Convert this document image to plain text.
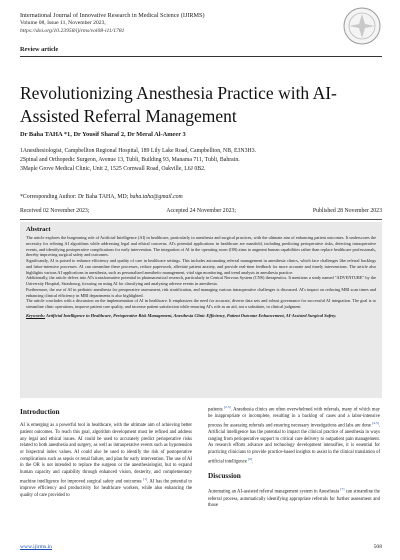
International Journal of Innovative Research in Medical Science (IJIRMS)
Volume 08, Issue 11, November 2023,
https://doi.org/10.23958/ijirms/vol08-i11/1781
Review article
Revolutionizing Anesthesia Practice with AI-Assisted Referral Management
Dr Baha TAHA *1, Dr Yousif Sharaf 2, Dr Meral Al-Ameer 3
1Anesthesiologist, Campbellton Regional Hospital, 189 Lily Lake Road, Campbellton, NB, E3N3H3.
2Spinal and Orthopedic Surgeon, Avenue 13, Tubli, Building 93, Manama 711, Tubli, Bahrain.
3Maple Grove Medical Clinic, Unit 2, 1525 Cornwall Road, Oakville, L6J 0B2.
*Corresponding Author: Dr Baha TAHA, MD; baha.taha@gmail.com
Received 02 November 2023;	Accepted 24 November 2023;	Published 28 November 2023
Abstract

The article explores the burgeoning role of Artificial Intelligence (AI) in healthcare, particularly in anesthesia and surgical practices, with the ultimate aim of enhancing patient outcomes. It underscores the necessity for refining AI algorithms while addressing legal and ethical concerns. AI's potential applications in healthcare are manifold, including predicting perioperative risks, detecting intraoperative events, and identifying postoperative complications for early intervention. The integration of AI in the operating room (OR) aims to augment human capabilities rather than replace healthcare professionals, thereby improving surgical safety and outcomes.

Significantly, AI is poised to enhance efficiency and quality of care in healthcare settings. This includes automating referral management in anesthesia clinics, which face challenges like referral backlogs and labor-intensive processes. AI can streamline these processes, reduce paperwork, alleviate patient anxiety, and provide real-time feedback for more accurate and timely interventions. The article also highlights various AI applications in anesthesia, such as personalized anesthetic management, vital sign monitoring, and trend analysis in anesthesia practice.

Additionally, the article delves into AI's transformative potential in pharmaceutical research, particularly in Central Nervous System (CNS) therapeutics. It mentions a study named "ADVENTURE" by the University Hospital, Strasbourg, focusing on using AI for classifying and analyzing adverse events in anesthesia.

Furthermore, the use of AI in pediatric anesthesia for preoperative assessment, risk stratification, and managing various intraoperative challenges is discussed. AI's impact on reducing MRI scan times and enhancing clinical efficiency in MRI departments is also highlighted.

The article concludes with a discussion on the implementation of AI in healthcare. It emphasizes the need for accurate, diverse data sets and robust governance for successful AI integration. The goal is to streamline clinic operations, improve patient care quality, and increase patient satisfaction while ensuring AI's role as an aid, not a substitute, in clinical judgment.

Keywords: Artificial Intelligence in Healthcare, Perioperative Risk Management, Anesthesia Clinic Efficiency, Patient Outcome Enhancement, AI-Assisted Surgical Safety.
Introduction

AI is emerging as a powerful tool in healthcare, with the ultimate aim of achieving better patient outcomes. To reach this goal, algorithm development must be refined and address any legal and ethical issues. AI could be used to accurately predict perioperative risks related to both anesthesia and surgery, as well as intraoperative events such as hypotension or bispectral index values. AI could also be used to identify the risk of postoperative complications such as sepsis or renal failure, and plan for early intervention. The use of AI in the OR is not intended to replace the surgeon or the anesthesiologist, but to expand human capacity and capability through enhanced vision, dexterity, and complementary machine intelligence for improved surgical safety and outcomes [1]. AI has the potential to improve efficiency and productivity for healthcare workers, while also enhancing the quality of care provided to

patients [2,3]. Anesthesia clinics are often overwhelmed with referrals, many of which may be inappropriate or incomplete, resulting in a backlog of cases and a labor-intensive process for assessing referrals and ensuring necessary investigations and labs are done [4,5]. Artificial intelligence has the potential to impact the clinical practice of anesthesia in ways ranging from perioperative support to critical care delivery to outpatient pain management. As research efforts advance and technology development intensifies, it is essential for practicing clinicians to provide practice-based insights to assist in the clinical translation of artificial intelligence [6].

Discussion

Automating an AI-assisted referral management system in Anesthesia [7] can streamline the referral process, automatically identifying appropriate referrals for further assessment and those

www.ijirms.in	508
